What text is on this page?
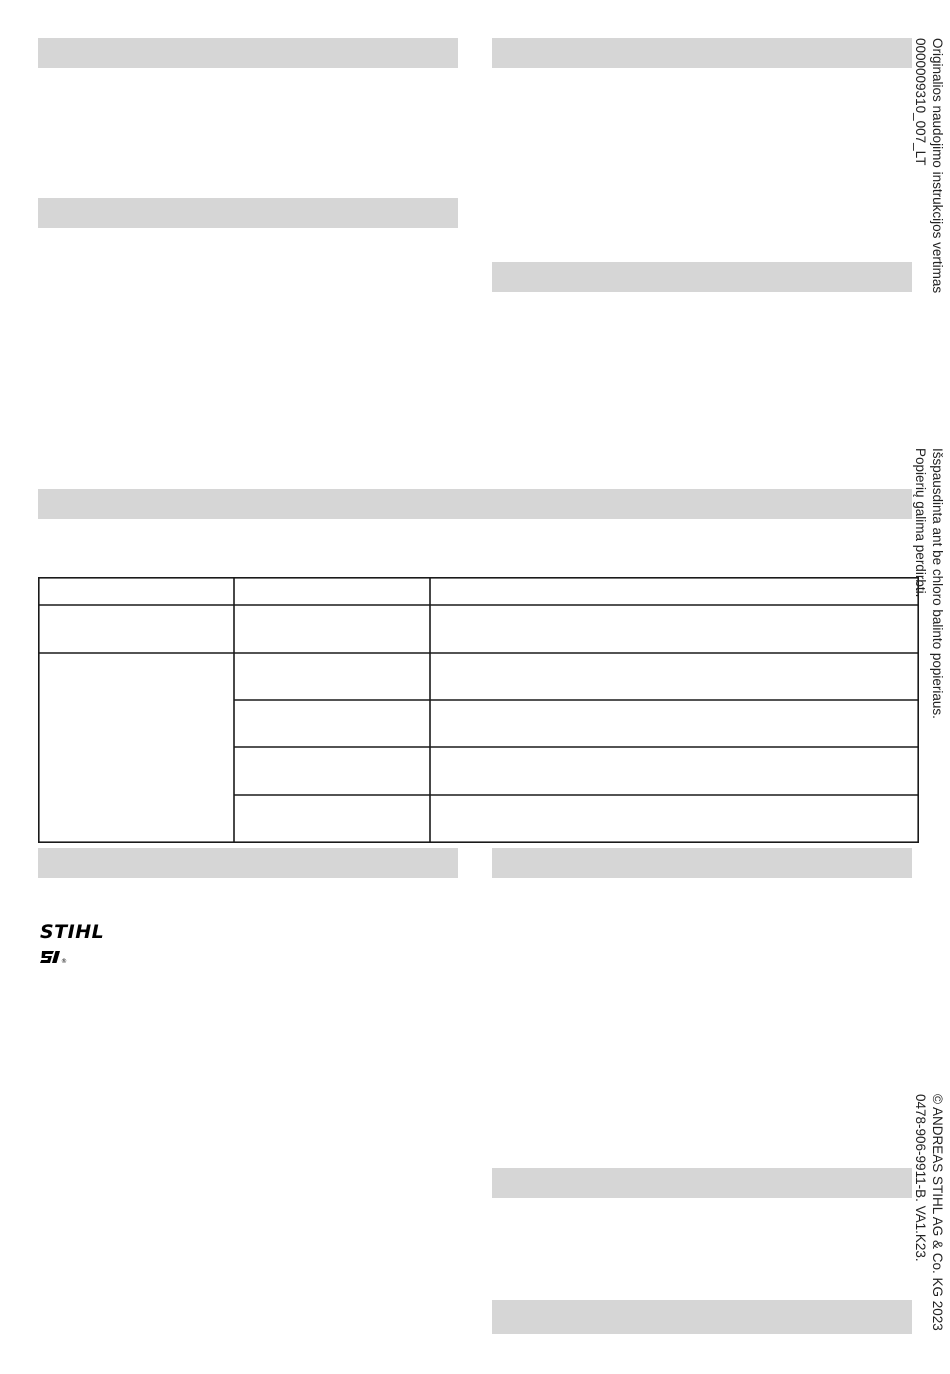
STIHL
®
Originalios naudojimo instrukcijos vertimas
0000009310_007_LT
Išspausdinta ant be chloro balinto popieriaus.
Popierių galima perdirbti.
© ANDREAS STIHL AG & Co. KG 2023
0478-906-9911-B. VA1.K23.
